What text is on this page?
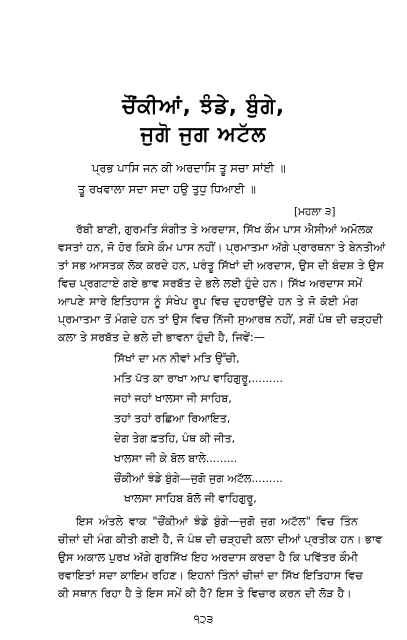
ਚੌਂਕੀਆਂ, ਝੰਡੇ, ਬੁੰਗੇ,
ਜੁਗੋ ਜੁਗ ਅਟੱਲ
ਪ੍ਰਭ ਪਾਸਿ ਜਨ ਕੀ ਅਰਦਾਸਿ ਤੂ ਸਚਾ ਸਾਂਈ ॥
ਤੂ ਰਖਵਾਲਾ ਸਦਾ ਸਦਾ ਹਉ ਤੁਧੁ ਧਿਆਈ ॥
[ਮਹਲਾ ੩]
ਰੱਬੀ ਬਾਣੀ, ਗੁਰਮਤਿ ਸੰਗੀਤ ਤੇ ਅਰਦਾਸ, ਸਿੱਖ ਕੌਮ ਪਾਸ ਐਸੀਆਂ ਅਮੋਲਕ
ਵਸਤਾਂ ਹਨ, ਜੋ ਹੋਰ ਕਿਸੇ ਕੌਮ ਪਾਸ ਨਹੀਂ। ਪ੍ਰਮਾਤਮਾ ਅੱਗੇ ਪ੍ਰਾਰਥਨਾ ਤੇ ਬੇਨਤੀਆਂ
ਤਾਂ ਸਭ ਆਸਤਕ ਲੋਕ ਕਰਦੇ ਹਨ, ਪਰੰਤੂ ਸਿੱਖਾਂ ਦੀ ਅਰਦਾਸ, ਉਸ ਦੀ ਬੰਦਸ਼ ਤੇ ਉਸ
ਵਿਚ ਪ੍ਰਗਟਾਏ ਗਏ ਭਾਵ ਸਰਬੱਤ ਦੇ ਭਲੇ ਲਈ ਹੁੰਦੇ ਹਨ। ਸਿੱਖ ਅਰਦਾਸ ਸਮੇਂ
ਆਪਣੇ ਸਾਰੇ ਇਤਿਹਾਸ ਨੂੰ ਸੰਖੇਪ ਰੂਪ ਵਿਚ ਦੁਹਰਾਉਂਦੇ ਹਨ ਤੇ ਜੋ ਕੋਈ ਮੰਗ
ਪ੍ਰਮਾਤਮਾ ਤੋਂ ਮੰਗਦੇ ਹਨ ਤਾਂ ਉਸ ਵਿਚ ਨਿੱਜੀ ਸੁਆਰਥ ਨਹੀਂ, ਸਗੋਂ ਪੰਥ ਦੀ ਚੜ੍ਹਦੀ
ਕਲਾ ਤੇ ਸਰਬੱਤ ਦੇ ਭਲੇ ਦੀ ਭਾਵਨਾ ਹੁੰਦੀ ਹੈ, ਜਿਵੇਂ:—
ਸਿੱਖਾਂ ਦਾ ਮਨ ਨੀਵਾਂ ਮਤਿ ਉੱਚੀ,
ਮਤਿ ਪੱਤ ਕਾ ਰਾਖਾ ਆਪ ਵਾਹਿਗੁਰੂ,.........
ਜਹਾਂ ਜਹਾਂ ਖਾਲਸਾ ਜੀ ਸਾਹਿਬ,
ਤਹਾਂ ਤਹਾਂ ਰਛਿਆ ਰਿਆਇਤ,
ਦੇਗ ਤੇਗ ਫ਼ਤਹਿ, ਪੰਥ ਕੀ ਜੀਤ,
ਖਾਲਸਾ ਜੀ ਕੇ ਬੋਲ ਬਾਲੇ.........
ਚੌਂਕੀਆਂ ਝੰਡੇ ਬੁੰਗੇ—ਜੁਗੋ ਜੁਗ ਅਟੱਲ.........
ਖਾਲਸਾ ਸਾਹਿਬ ਬੋਲੋ ਜੀ ਵਾਹਿਗੁਰੂ,
ਇਸ ਅੰਤਲੇ ਵਾਕ "ਚੌਂਕੀਆਂ ਝੰਡੇ ਬੁੰਗੇ—ਜੁਗੋ ਜੁਗ ਅਟੱਲ" ਵਿਚ ਤਿੰਨ
ਚੀਜ਼ਾਂ ਦੀ ਮੰਗ ਕੀਤੀ ਗਈ ਹੈ, ਜੋ ਪੰਥ ਦੀ ਚੜ੍ਹਦੀ ਕਲਾ ਦੀਆਂ ਪ੍ਰਤੀਕ ਹਨ। ਭਾਵ
ਉਸ ਅਕਾਲ ਪੁਰਖ ਅੱਗੇ ਗੁਰਸਿੱਖ ਇਹ ਅਰਦਾਸ ਕਰਦਾ ਹੈ ਕਿ ਪਵਿੱਤਰ ਕੌਮੀ
ਰਵਾਇਤਾਂ ਸਦਾ ਕਾਇਮ ਰਹਿਣ। ਇਹਨਾਂ ਤਿੰਨਾਂ ਚੀਜ਼ਾਂ ਦਾ ਸਿੱਖ ਇਤਿਹਾਸ ਵਿਚ
ਕੀ ਸਥਾਨ ਰਿਹਾ ਹੈ ਤੇ ਇਸ ਸਮੇਂ ਕੀ ਹੈ? ਇਸ ਤੇ ਵਿਚਾਰ ਕਰਨ ਦੀ ਲੋੜ ਹੈ।
੧੨੩
